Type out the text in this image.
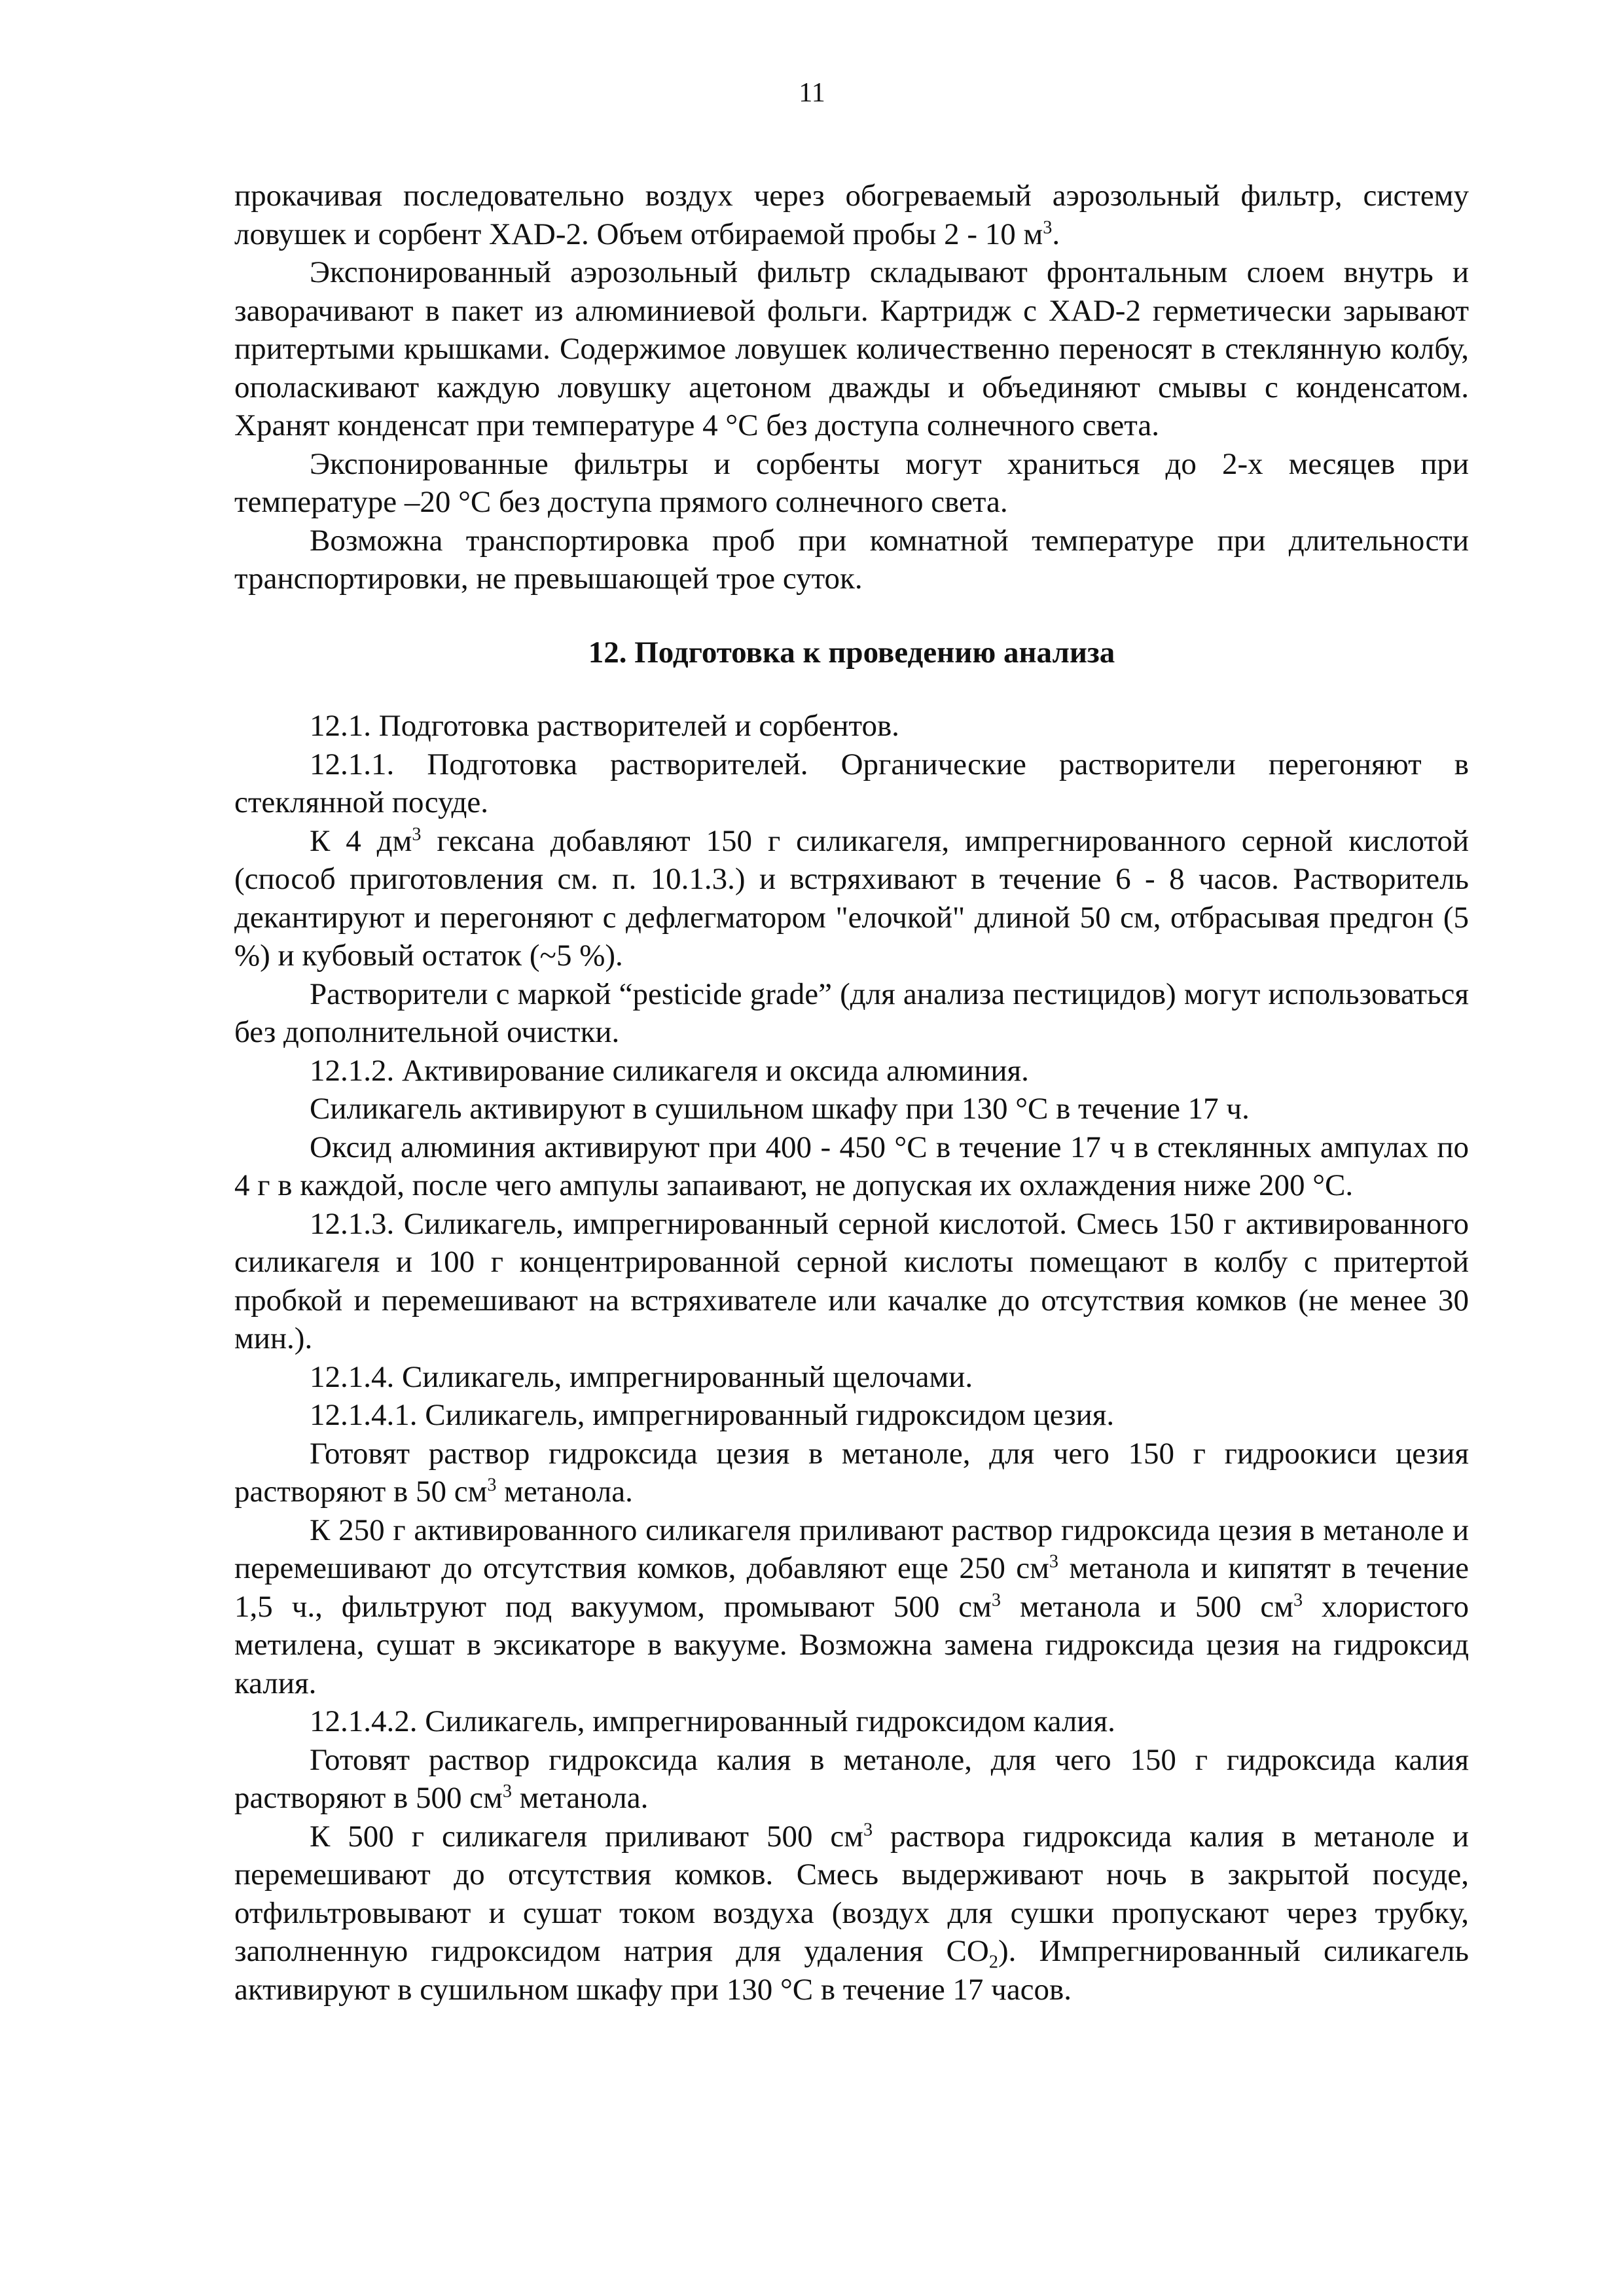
11

прокачивая последовательно воздух через обогреваемый аэрозольный фильтр, систему ловушек и сорбент XAD-2. Объем отбираемой пробы 2 - 10 $м^3$.

Экспонированный аэрозольный фильтр складывают фронтальным слоем внутрь и заворачивают в пакет из алюминиевой фольги. Картридж с XAD-2 герметически зарывают притертыми крышками. Содержимое ловушек количественно переносят в стеклянную колбу, ополаскивают каждую ловушку ацетоном дважды и объединяют смывы с конденсатом. Хранят конденсат при температуре 4 °C без доступа солнечного света.

Экспонированные фильтры и сорбенты могут храниться до 2-х месяцев при температуре –20 °C без доступа прямого солнечного света.

Возможна транспортировка проб при комнатной температуре при длительности транспортировки, не превышающей трое суток.

12. Подготовка к проведению анализа

12.1. Подготовка растворителей и сорбентов.

12.1.1. Подготовка растворителей. Органические растворители перегоняют в стеклянной посуде.

К 4 $дм^3$ гексана добавляют 150 г силикагеля, импрегнированного серной кислотой (способ приготовления см. п. 10.1.3.) и встряхивают в течение 6 - 8 часов. Растворитель декантируют и перегоняют с дефлегматором "елочкой" длиной 50 см, отбрасывая предгон (5 %) и кубовый остаток (~5 %).

Растворители с маркой “pesticide grade” (для анализа пестицидов) могут использоваться без дополнительной очистки.

12.1.2. Активирование силикагеля и оксида алюминия.

Силикагель активируют в сушильном шкафу при 130 °C в течение 17 ч.

Оксид алюминия активируют при 400 - 450 °C в течение 17 ч в стеклянных ампулах по 4 г в каждой, после чего ампулы запаивают, не допуская их охлаждения ниже 200 °C.

12.1.3. Силикагель, импрегнированный серной кислотой. Смесь 150 г активированного силикагеля и 100 г концентрированной серной кислоты помещают в колбу с притертой пробкой и перемешивают на встряхивателе или качалке до отсутствия комков (не менее 30 мин.).

12.1.4. Силикагель, импрегнированный щелочами.

12.1.4.1. Силикагель, импрегнированный гидроксидом цезия.

Готовят раствор гидроксида цезия в метаноле, для чего 150 г гидроокиси цезия растворяют в 50 $см^3$ метанола.

К 250 г активированного силикагеля приливают раствор гидроксида цезия в метаноле и перемешивают до отсутствия комков, добавляют еще 250 $см^3$ метанола и кипятят в течение 1,5 ч., фильтруют под вакуумом, промывают 500 $см^3$ метанола и 500 $см^3$ хлористого метилена, сушат в эксикаторе в вакууме. Возможна замена гидроксида цезия на гидроксид калия.

12.1.4.2. Силикагель, импрегнированный гидроксидом калия.

Готовят раствор гидроксида калия в метаноле, для чего 150 г гидроксида калия растворяют в 500 $см^3$ метанола.

К 500 г силикагеля приливают 500 $см^3$ раствора гидроксида калия в метаноле и перемешивают до отсутствия комков. Смесь выдерживают ночь в закрытой посуде, отфильтровывают и сушат током воздуха (воздух для сушки пропускают через трубку, заполненную гидроксидом натрия для удаления $CO_2$). Импрегнированный силикагель активируют в сушильном шкафу при 130 °C в течение 17 часов.
